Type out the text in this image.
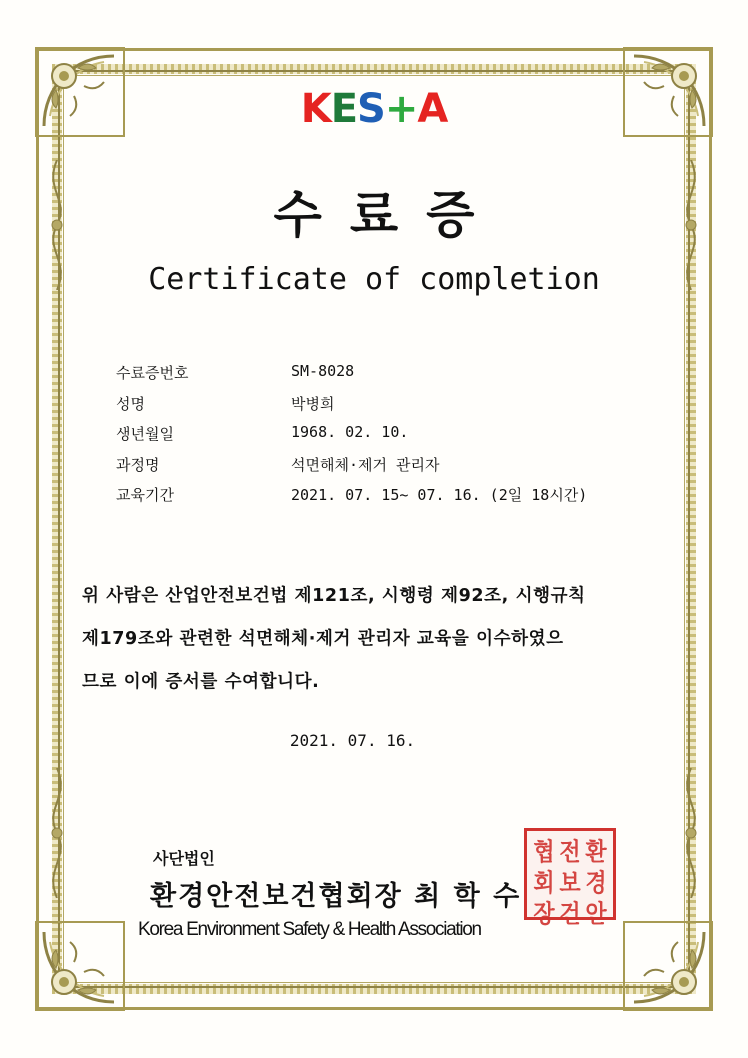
KES+A
수료증
Certificate of completion
수료증번호	SM-8028
성명	박병희
생년월일	1968. 02. 10.
과정명	석면해체·제거 관리자
교육기간	2021. 07. 15~ 07. 16. (2일 18시간)

위 사람은 산업안전보건법 제121조, 시행령 제92조, 시행규칙

제179조와 관련한 석면해체·제거 관리자 교육을 이수하였으

므로 이에 증서를 수여합니다.

2021. 07. 16.
사단법인
환경안전보건협회장 최 학 수
Korea Environment Safety & Health Association
협 전 환
회 보 경
장 건 안
